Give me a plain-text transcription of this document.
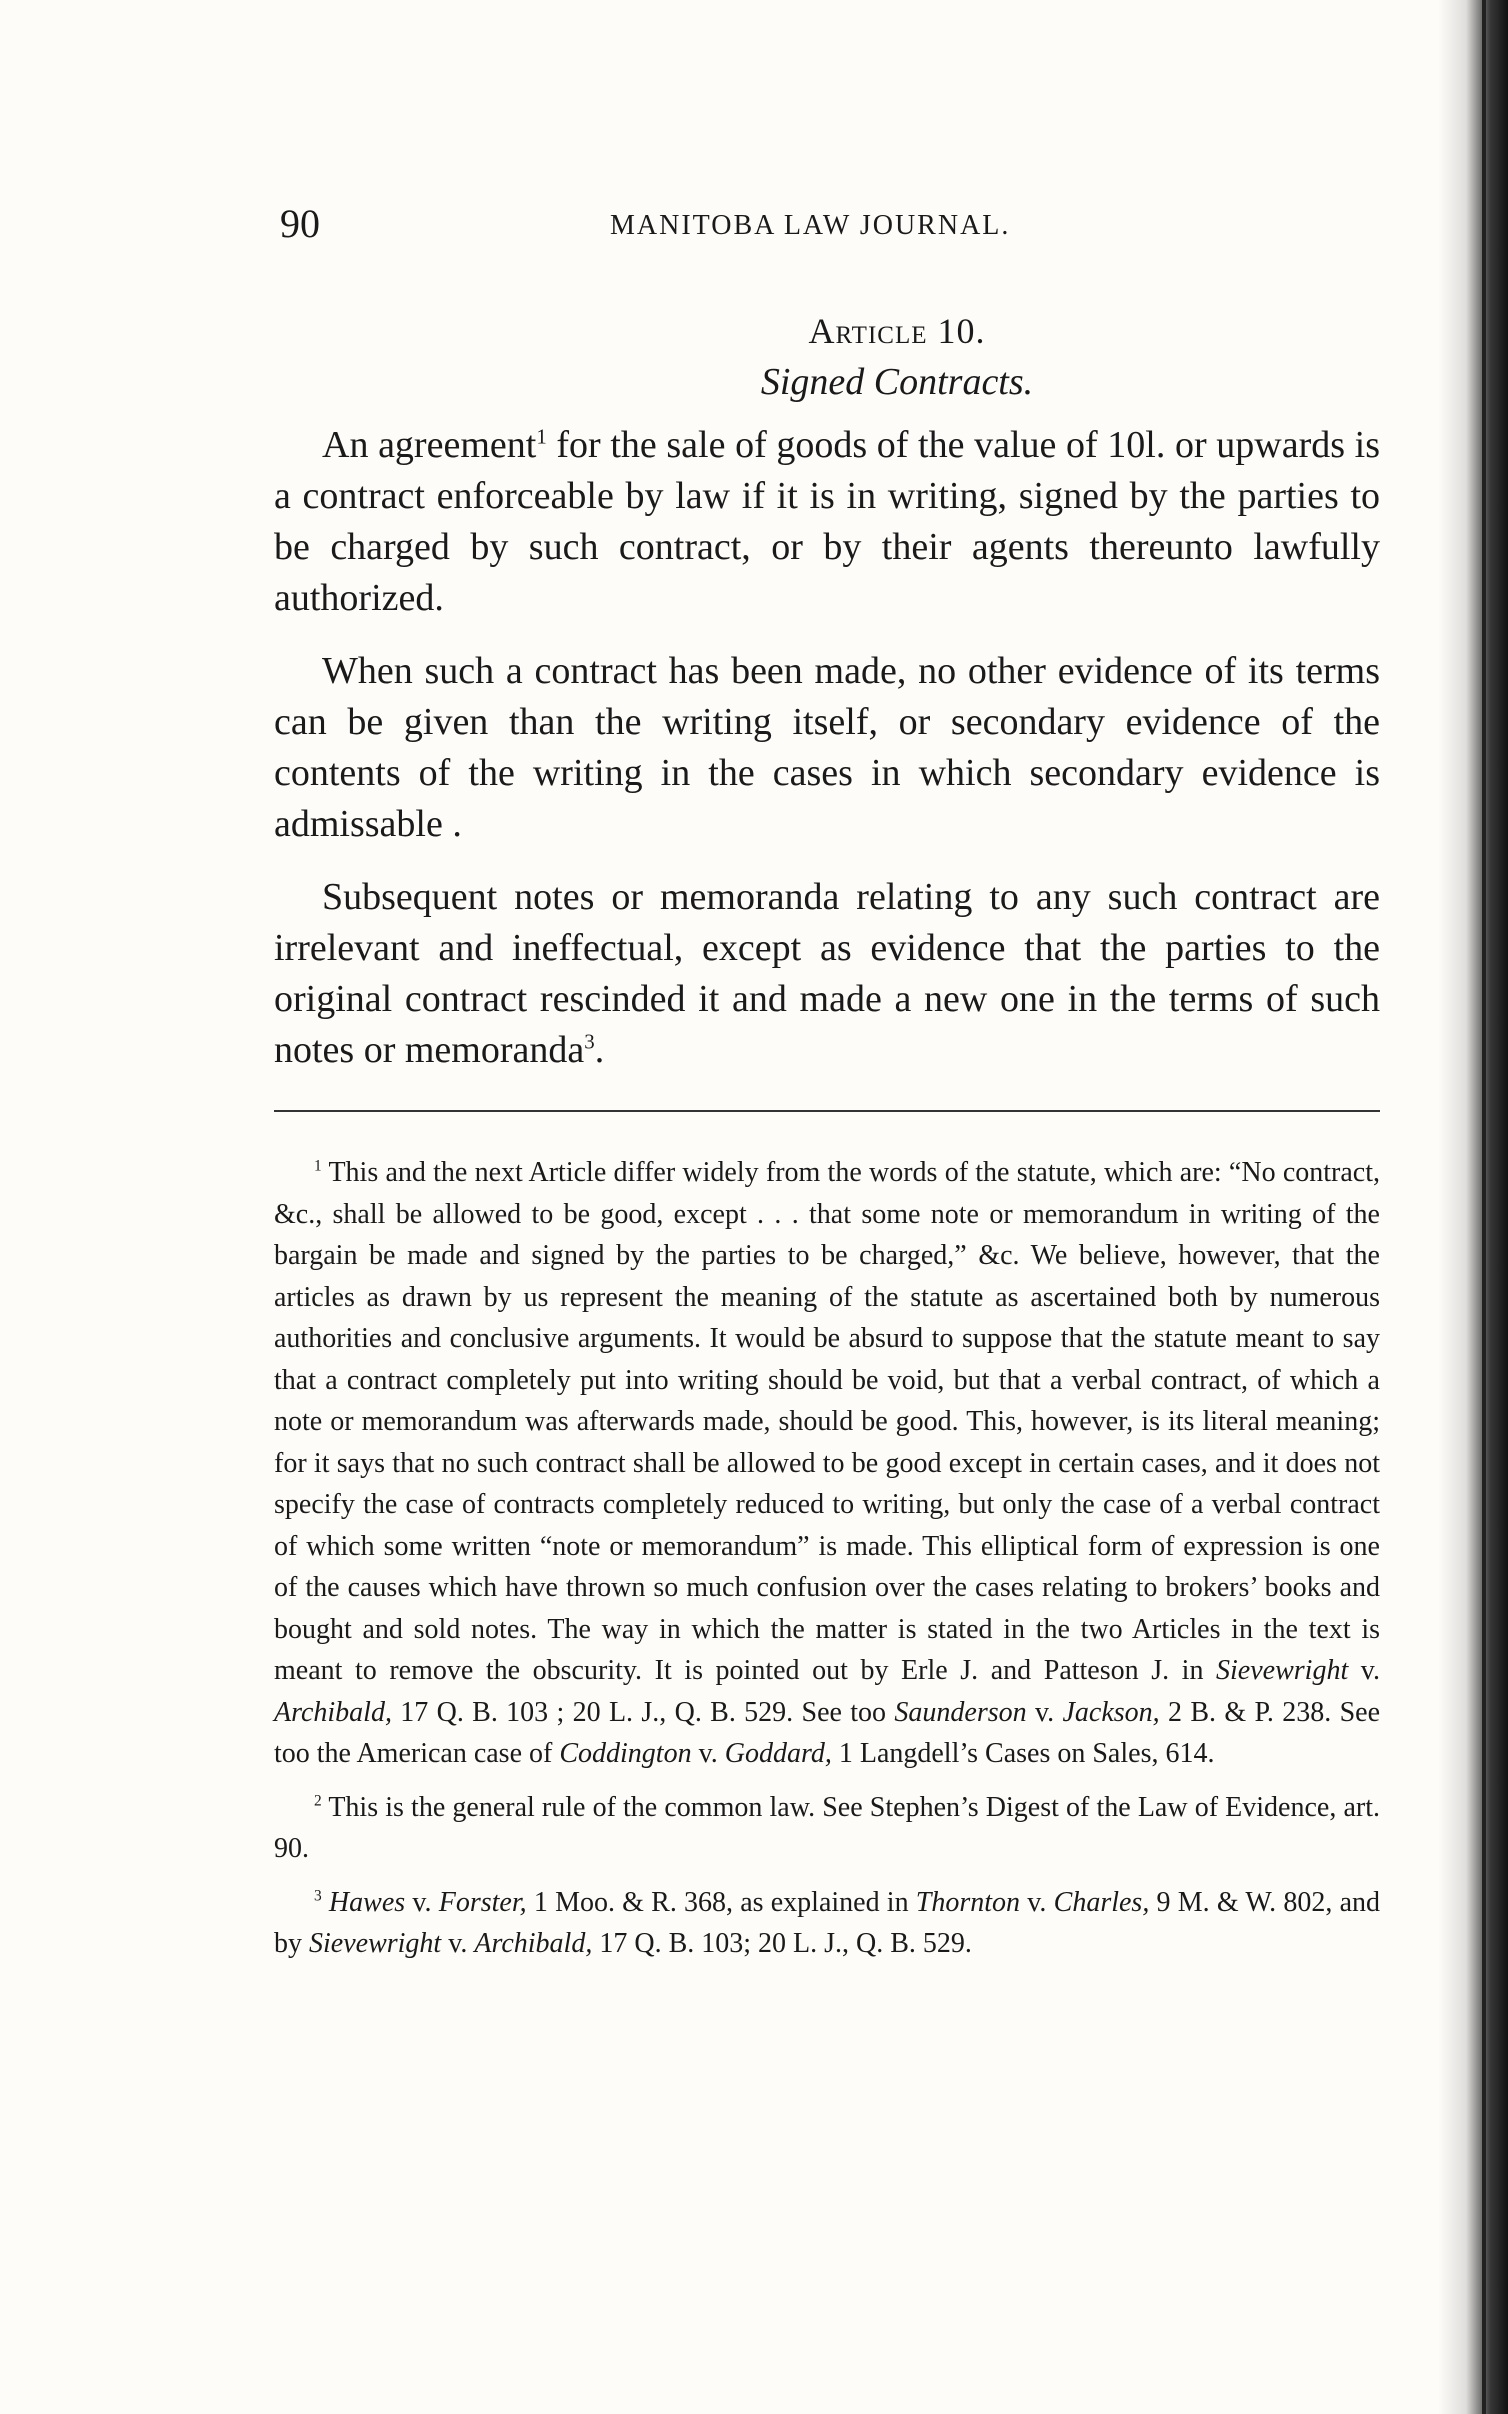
90	MANITOBA LAW JOURNAL.
Article 10.
Signed Contracts.

An agreement$^1$ for the sale of goods of the value of 10l. or upwards is a contract enforceable by law if it is in writing, signed by the parties to be charged by such contract, or by their agents thereunto lawfully authorized.

When such a contract has been made, no other evidence of its terms can be given than the writing itself, or secondary evidence of the contents of the writing in the cases in which secondary evidence is admissable .

Subsequent notes or memoranda relating to any such contract are irrelevant and ineffectual, except as evidence that the parties to the original contract rescinded it and made a new one in the terms of such notes or memoranda$^3$.

$^1$ This and the next Article differ widely from the words of the statute, which are: “No contract, &c., shall be allowed to be good, except . . . that some note or memorandum in writing of the bargain be made and signed by the parties to be charged,” &c. We believe, however, that the articles as drawn by us represent the meaning of the statute as ascertained both by numerous authorities and conclusive arguments. It would be absurd to suppose that the statute meant to say that a contract completely put into writing should be void, but that a verbal contract, of which a note or memorandum was afterwards made, should be good. This, however, is its literal meaning; for it says that no such contract shall be allowed to be good except in certain cases, and it does not specify the case of contracts completely reduced to writing, but only the case of a verbal contract of which some written “note or memorandum” is made. This elliptical form of expression is one of the causes which have thrown so much confusion over the cases relating to brokers’ books and bought and sold notes. The way in which the matter is stated in the two Articles in the text is meant to remove the obscurity. It is pointed out by Erle J. and Patteson J. in Sievewright v. Archibald, 17 Q. B. 103 ; 20 L. J., Q. B. 529. See too Saunderson v. Jackson, 2 B. & P. 238. See too the American case of Coddington v. Goddard, 1 Langdell’s Cases on Sales, 614.

$^2$ This is the general rule of the common law. See Stephen’s Digest of the Law of Evidence, art. 90.

$^3$ Hawes v. Forster, 1 Moo. & R. 368, as explained in Thornton v. Charles, 9 M. & W. 802, and by Sievewright v. Archibald, 17 Q. B. 103; 20 L. J., Q. B. 529.
